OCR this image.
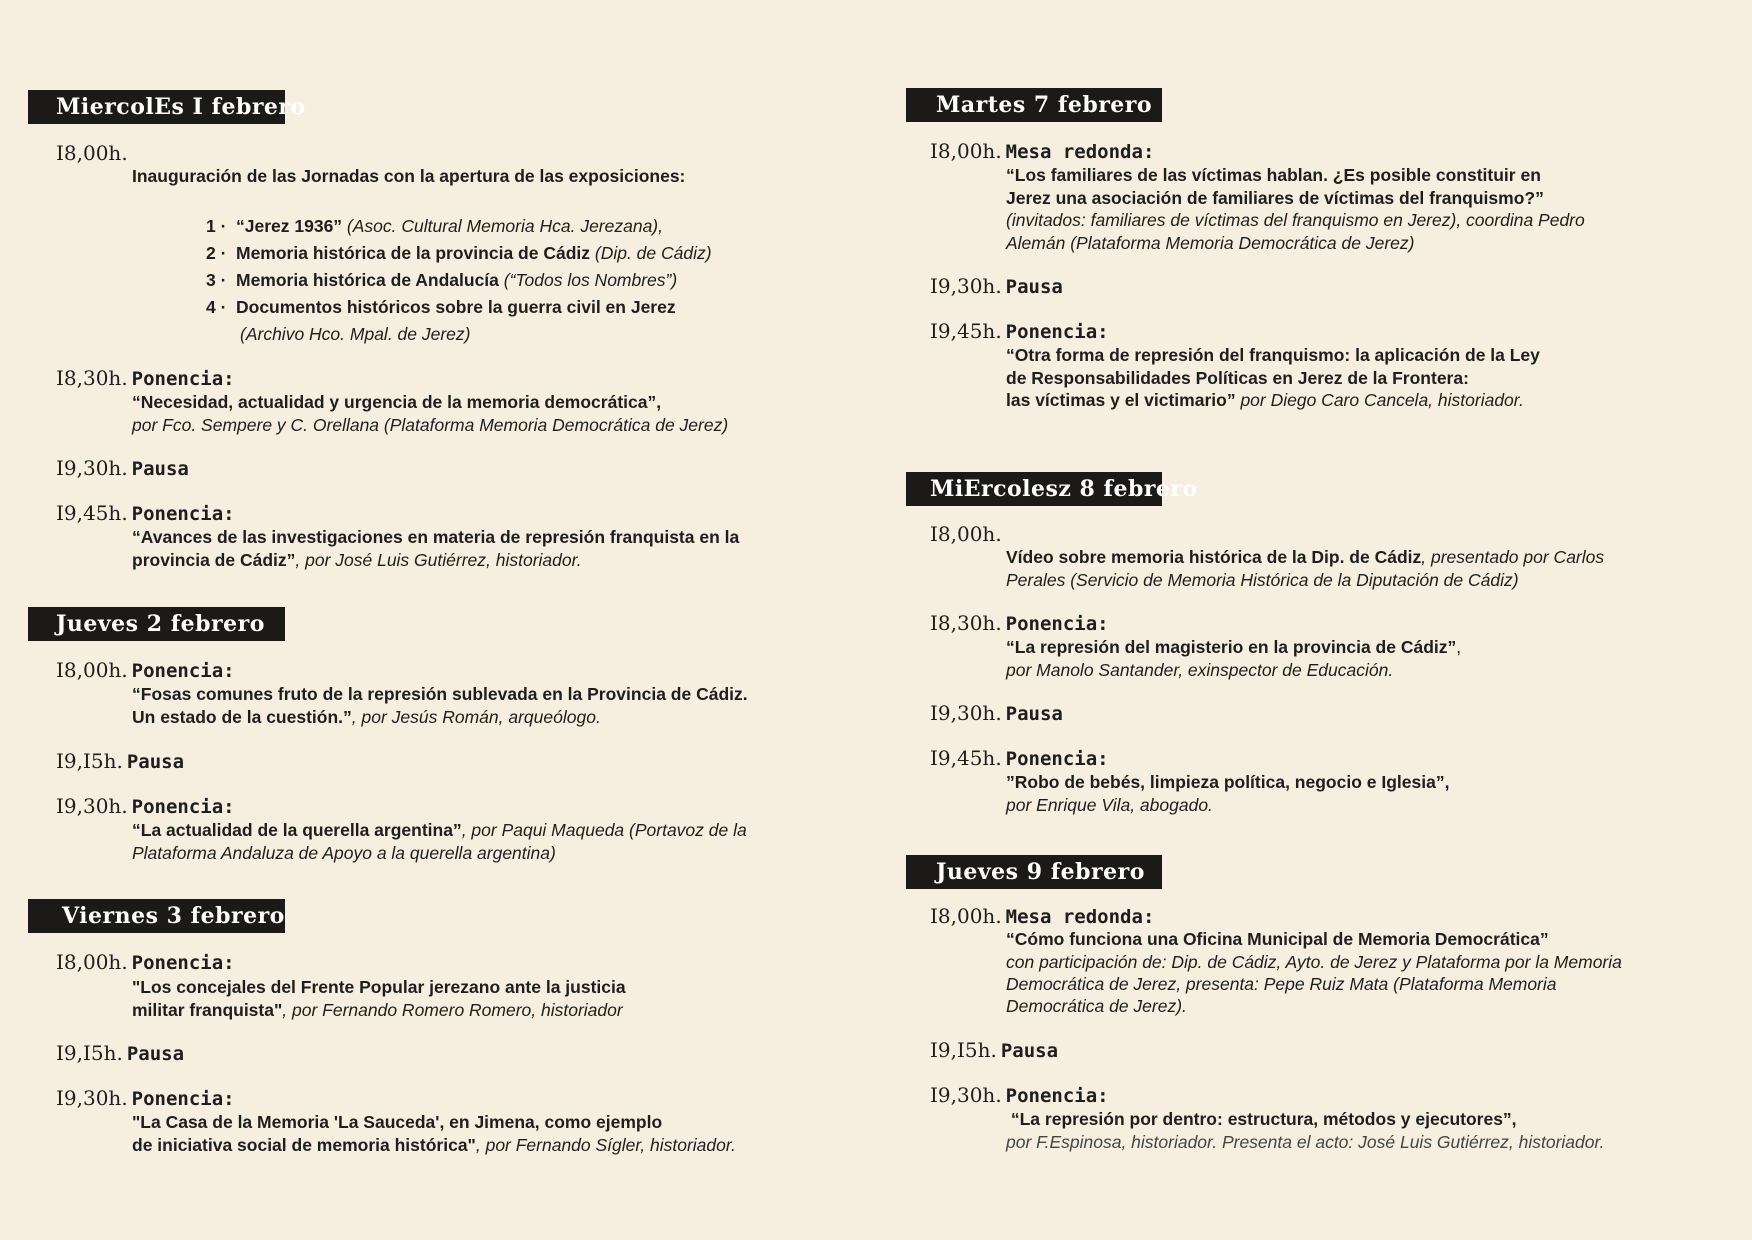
MiercolEs I febrero
I8,00h.
Inauguración de las Jornadas con la apertura de las exposiciones:
1 · “Jerez 1936” (Asoc. Cultural Memoria Hca. Jerezana),
2 · Memoria histórica de la provincia de Cádiz (Dip. de Cádiz)
3 · Memoria histórica de Andalucía (“Todos los Nombres”)
4 · Documentos históricos sobre la guerra civil en Jerez
(Archivo Hco. Mpal. de Jerez)
I8,30h. Ponencia:
“Necesidad, actualidad y urgencia de la memoria democrática”,
por Fco. Sempere y C. Orellana (Plataforma Memoria Democrática de Jerez)
I9,30h. Pausa
I9,45h. Ponencia:
“Avances de las investigaciones en materia de represión franquista en la
provincia de Cádiz”, por José Luis Gutiérrez, historiador.
Jueves 2 febrero
I8,00h. Ponencia:
“Fosas comunes fruto de la represión sublevada en la Provincia de Cádiz.
Un estado de la cuestión.”, por Jesús Román, arqueólogo.
I9,I5h. Pausa
I9,30h. Ponencia:
“La actualidad de la querella argentina”, por Paqui Maqueda (Portavoz de la
Plataforma Andaluza de Apoyo a la querella argentina)
Viernes 3 febrero
I8,00h. Ponencia:
"Los concejales del Frente Popular jerezano ante la justicia
militar franquista", por Fernando Romero Romero, historiador
I9,I5h. Pausa
I9,30h. Ponencia:
"La Casa de la Memoria 'La Sauceda', en Jimena, como ejemplo
de iniciativa social de memoria histórica", por Fernando Sígler, historiador.
Martes 7 febrero
I8,00h. Mesa redonda:
“Los familiares de las víctimas hablan. ¿Es posible constituir en
Jerez una asociación de familiares de víctimas del franquismo?”
(invitados: familiares de víctimas del franquismo en Jerez), coordina Pedro
Alemán (Plataforma Memoria Democrática de Jerez)
I9,30h. Pausa
I9,45h. Ponencia:
“Otra forma de represión del franquismo: la aplicación de la Ley
de Responsabilidades Políticas en Jerez de la Frontera:
las víctimas y el victimario” por Diego Caro Cancela, historiador.
MiErcolesz 8 febrero
I8,00h.
Vídeo sobre memoria histórica de la Dip. de Cádiz, presentado por Carlos
Perales (Servicio de Memoria Histórica de la Diputación de Cádiz)
I8,30h. Ponencia:
“La represión del magisterio en la provincia de Cádiz”,
por Manolo Santander, exinspector de Educación.
I9,30h. Pausa
I9,45h. Ponencia:
”Robo de bebés, limpieza política, negocio e Iglesia”,
por Enrique Vila, abogado.
Jueves 9 febrero
I8,00h. Mesa redonda:
“Cómo funciona una Oficina Municipal de Memoria Democrática”
con participación de: Dip. de Cádiz, Ayto. de Jerez y Plataforma por la Memoria
Democrática de Jerez, presenta: Pepe Ruiz Mata (Plataforma Memoria
Democrática de Jerez).
I9,I5h. Pausa
I9,30h. Ponencia:
“La represión por dentro: estructura, métodos y ejecutores”,
por F.Espinosa, historiador. Presenta el acto: José Luis Gutiérrez, historiador.
